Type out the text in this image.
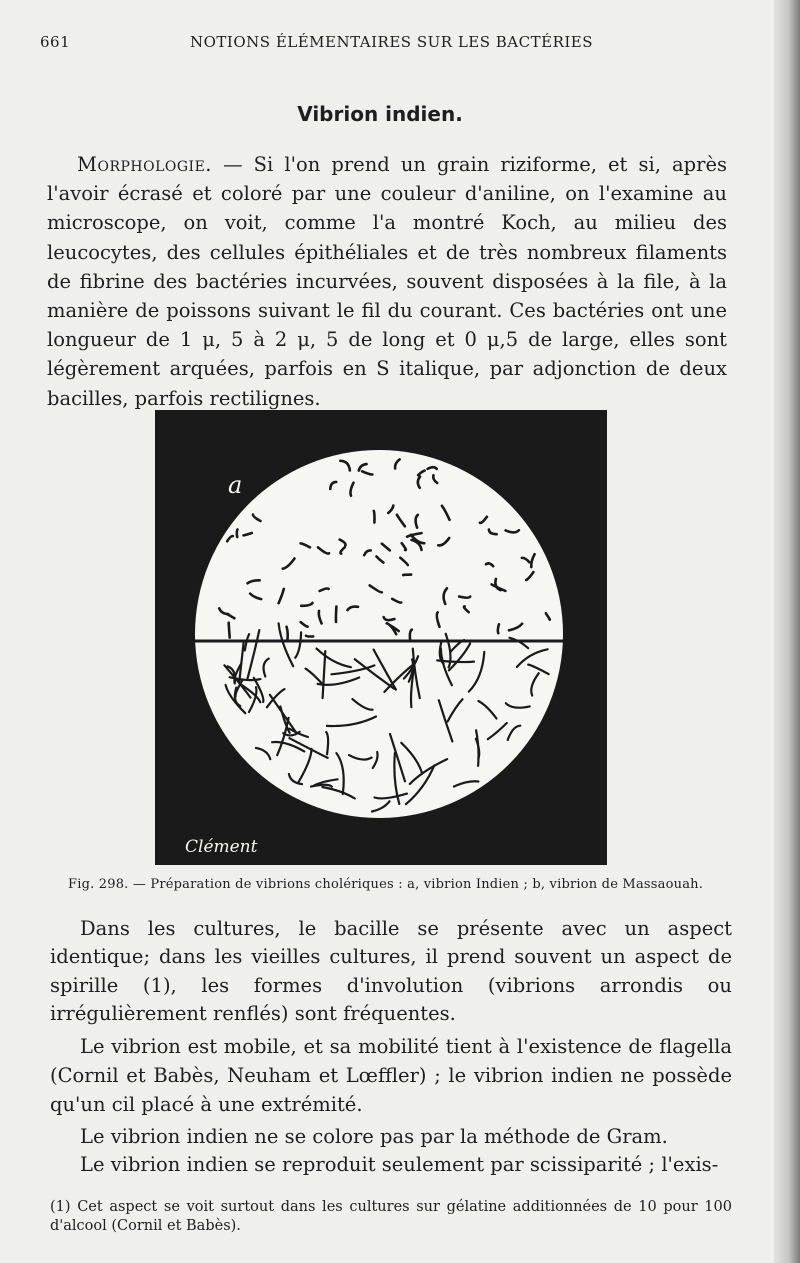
661	NOTIONS ÉLÉMENTAIRES SUR LES BACTÉRIES
Vibrion indien.
Morphologie. — Si l'on prend un grain riziforme, et si, après l'avoir écrasé et coloré par une couleur d'aniline, on l'examine au microscope, on voit, comme l'a montré Koch, au milieu des leucocytes, des cellules épithéliales et de très nombreux filaments de fibrine des bactéries incurvées, souvent disposées à la file, à la manière de poissons suivant le fil du courant. Ces bactéries ont une longueur de 1 μ, 5 à 2 μ, 5 de long et 0 μ,5 de large, elles sont légèrement arquées, parfois en S italique, par adjonction de deux bacilles, parfois rectilignes.
a
b
Clément
Fig. 298. — Préparation de vibrions cholériques : a, vibrion Indien ; b, vibrion de Massaouah.
Dans les cultures, le bacille se présente avec un aspect identique; dans les vieilles cultures, il prend souvent un aspect de spirille (1), les formes d'involution (vibrions arrondis ou irrégulièrement renflés) sont fréquentes.
Le vibrion est mobile, et sa mobilité tient à l'existence de flagella (Cornil et Babès, Neuham et Lœffler) ; le vibrion indien ne possède qu'un cil placé à une extrémité.
Le vibrion indien ne se colore pas par la méthode de Gram.
Le vibrion indien se reproduit seulement par scissiparité ; l'exis-
(1) Cet aspect se voit surtout dans les cultures sur gélatine additionnées de 10 pour 100 d'alcool (Cornil et Babès).
